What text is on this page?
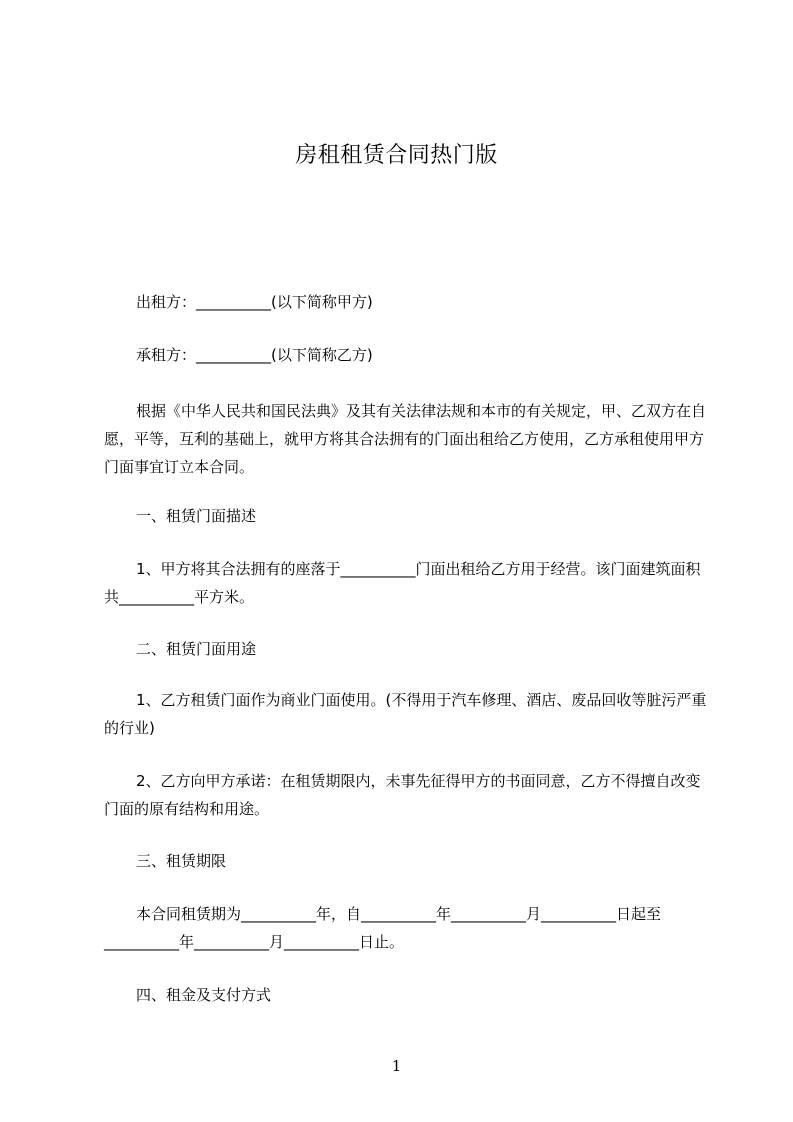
房租租赁合同热门版
出租方：__________(以下简称甲方)
承租方：__________(以下简称乙方)
根据《中华人民共和国民法典》及其有关法律法规和本市的有关规定，甲、乙双方在自愿，平等，互利的基础上，就甲方将其合法拥有的门面出租给乙方使用，乙方承租使用甲方门面事宜订立本合同。
一、租赁门面描述
1、甲方将其合法拥有的座落于__________门面出租给乙方用于经营。该门面建筑面积共__________平方米。
二、租赁门面用途
1、乙方租赁门面作为商业门面使用。(不得用于汽车修理、酒店、废品回收等脏污严重的行业)
2、乙方向甲方承诺：在租赁期限内，未事先征得甲方的书面同意，乙方不得擅自改变门面的原有结构和用途。
三、租赁期限
本合同租赁期为__________年，自__________年__________月__________日起至__________年__________月__________日止。
四、租金及支付方式
1
